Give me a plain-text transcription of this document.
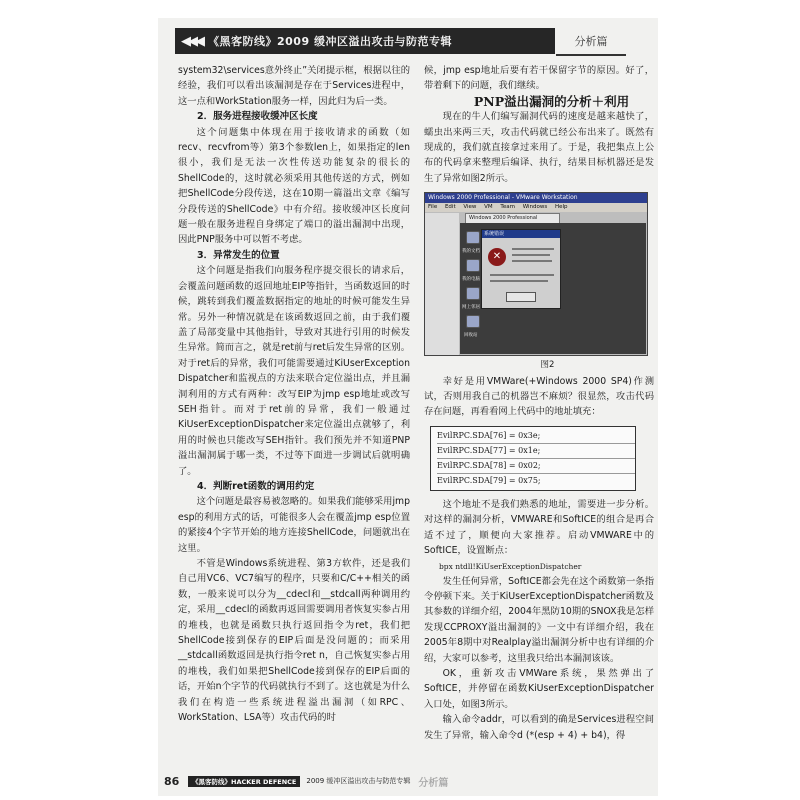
◀◀◀ 《黑客防线》2009 缓冲区溢出攻击与防范专辑	分析篇

system32\services意外终止”关闭提示框，根据以往的经验，我们可以看出该漏洞是存在于Services进程中，这一点和WorkStation服务一样，因此归为后一类。

2．服务进程接收缓冲区长度

这个问题集中体现在用于接收请求的函数（如recv、recvfrom等）第3个参数len上，如果指定的len很小，我们是无法一次性传送功能复杂的很长的ShellCode的，这时就必须采用其他传送的方式，例如把ShellCode分段传送，这在10期一篇溢出文章《编写分段传送的ShellCode》中有介绍。接收缓冲区长度问题一般在服务进程自身绑定了端口的溢出漏洞中出现，因此PNP服务中可以暂不考虑。

3．异常发生的位置

这个问题是指我们向服务程序提交很长的请求后，会覆盖问题函数的返回地址EIP等指针，当函数返回的时候，跳转到我们覆盖数据指定的地址的时候可能发生异常。另外一种情况就是在该函数返回之前，由于我们覆盖了局部变量中其他指针，导致对其进行引用的时候发生异常。简而言之，就是ret前与ret后发生异常的区别。对于ret后的异常，我们可能需要通过KiUserException Dispatcher和监视点的方法来联合定位溢出点，并且漏洞利用的方式有两种：改写EIP为jmp esp地址或改写SEH指针。而对于ret前的异常，我们一般通过KiUserExceptionDispatcher来定位溢出点就够了，利用的时候也只能改写SEH指针。我们预先并不知道PNP溢出漏洞属于哪一类，不过等下面进一步调试后就明确了。

4．判断ret函数的调用约定

这个问题是最容易被忽略的。如果我们能够采用jmp esp的利用方式的话，可能很多人会在覆盖jmp esp位置的紧接4个字节开始的地方连接ShellCode，问题就出在这里。

不管是Windows系统进程、第3方软件，还是我们自己用VC6、VC7编写的程序，只要和C/C++相关的函数，一般来说可以分为__cdecl和__stdcall两种调用约定，采用__cdecl的函数再返回需要调用者恢复实参占用的堆栈，也就是函数只执行返回指令为ret，我们把ShellCode接到保存的EIP后面是没问题的；而采用__stdcall函数返回是执行指令ret n，自己恢复实参占用的堆栈，我们如果把ShellCode接到保存的EIP后面的话，开始n个字节的代码就执行不到了。这也就是为什么我们在构造一些系统进程溢出漏洞（如RPC、WorkStation、LSA等）攻击代码的时

候，jmp esp地址后要有若干保留字节的原因。好了，带着剩下的问题，我们继续。

PNP溢出漏洞的分析＋利用

现在的牛人们编写漏洞代码的速度是越来越快了，蠕虫出来两三天，攻击代码就已经公布出来了。既然有现成的，我们就直接拿过来用了。于是，我把集点上公布的代码拿来整理后编译、执行，结果目标机器还是发生了异常如图2所示。

Windows 2000 Professional - VMware Workstation
File Edit View VM Team Windows Help
Windows 2000 Professional
我的文档
我的电脑
网上邻居
回收站
系统错误
✕

图2

幸好是用VMWare(+Windows 2000 SP4)作测试，否则用我自己的机器岂不麻烦？很显然，攻击代码存在问题，再看看网上代码中的地址填充：

EvilRPC.SDA[76] = 0x3e;
EvilRPC.SDA[77] = 0x1e;
EvilRPC.SDA[78] = 0x02;
EvilRPC.SDA[79] = 0x75;

这个地址不是我们熟悉的地址，需要进一步分析。对这样的漏洞分析，VMWARE和SoftICE的组合是再合适不过了，顺便向大家推荐。启动VMWARE中的SoftICE，设置断点：

bpx ntdll!KiUserExceptionDispatcher

发生任何异常，SoftICE都会先在这个函数第一条指令停顿下来。关于KiUserExceptionDispatcher函数及其参数的详细介绍，2004年黑防10期的SNOX我是怎样发现CCPROXY溢出漏洞的》一文中有详细介绍，我在2005年8期中对Realplay溢出漏洞分析中也有详细的介绍，大家可以参考，这里我只给出本漏洞该该。

OK，重新攻击VMWare系统，果然弹出了SoftICE，并停留在函数KiUserExceptionDispatcher入口处，如图3所示。

输入命令addr，可以看到的确是Services进程空间发生了异常，输入命令d (*(esp + 4) + b4)，得

86	《黑客防线》HACKER DEFENCE	2009 缓冲区溢出攻击与防范专辑 分析篇
